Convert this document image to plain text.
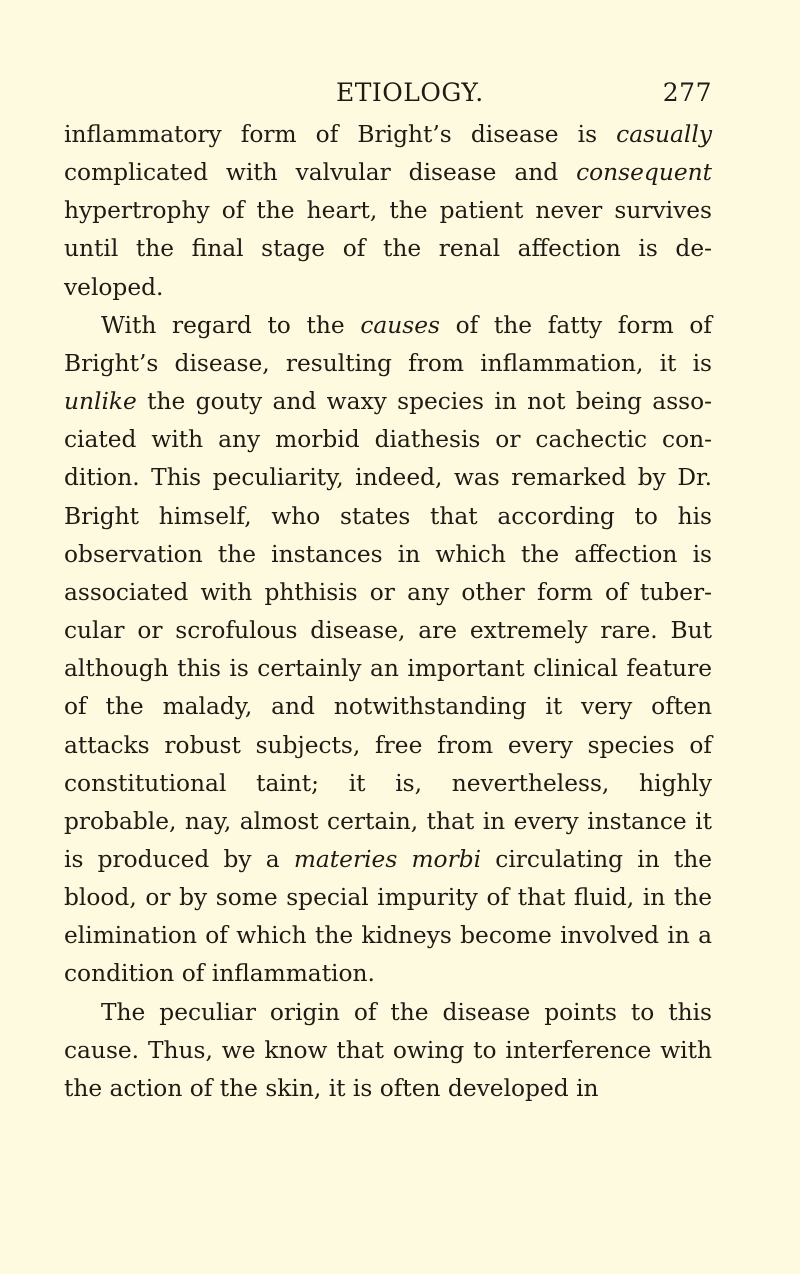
ETIOLOGY.	277

inflammatory form of Bright’s disease is casually complicated with valvular disease and consequent hypertrophy of the heart, the patient never survives until the final stage of the renal affection is de-veloped.

With regard to the causes of the fatty form of Bright’s disease, resulting from inflammation, it is unlike the gouty and waxy species in not being asso-ciated with any morbid diathesis or cachectic con-dition. This peculiarity, indeed, was remarked by Dr. Bright himself, who states that according to his observation the instances in which the affection is associated with phthisis or any other form of tuber-cular or scrofulous disease, are extremely rare. But although this is certainly an important clinical feature of the malady, and notwithstanding it very often attacks robust subjects, free from every species of constitutional taint; it is, nevertheless, highly probable, nay, almost certain, that in every instance it is produced by a materies morbi circulating in the blood, or by some special impurity of that fluid, in the elimination of which the kidneys become involved in a condition of inflammation.

The peculiar origin of the disease points to this cause. Thus, we know that owing to interference with the action of the skin, it is often developed in
